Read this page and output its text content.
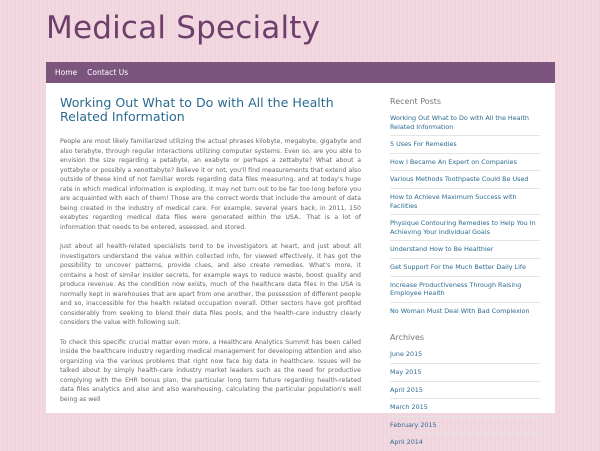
Medical Specialty
Home Contact Us
Working Out What to Do with All the Health Related Information

People are most likely familiarized utilizing the actual phrases kilobyte, megabyte, gigabyte and also terabyte, through regular interactions utilizing computer systems. Even so, are you able to envision the size regarding a petabyte, an exabyte or perhaps a zettabyte? What about a yottabyte or possibly a xenottabyte? Believe it or not, you'll find measurements that extend also outside of these kind of not familiar words regarding data files measuring, and at today's huge rate in which medical information is exploding, it may not turn out to be far too long before you are acquainted with each of them! Those are the correct words that include the amount of data being created in the industry of medical care. For example, several years back, in 2011, 150 exabytes regarding medical data files were generated within the USA.. That is a lot of information that needs to be entered, assessed, and stored.

Just about all health-related specialists tend to be investigators at heart, and just about all investigators understand the value within collected info, for viewed effectively, it has got the possibility to uncover patterns, provide clues, and also create remedies. What's more, it contains a host of similar insider secrets, for example ways to reduce waste, boost quality and produce revenue. As the condition now exists, much of the healthcare data files in the USA is normally kept in warehouses that are apart from one another, the possession of different people and so, inaccessible for the health related occupation overall. Other sectors have got profited considerably from seeking to blend their data files pools, and the health-care industry clearly considers the value with following suit.

To check this specific crucial matter even more, a Healthcare Analytics Summit has been called inside the healthcare industry regarding medical management for developing attention and also organizing via the various problems that right now face big data in healthcare. Issues will be talked about by simply health-care industry market leaders such as the need for productive complying with the EHR bonus plan, the particular long term future regarding health-related data files analytics and also and also warehousing, calculating the particular population's well being as well

Recent Posts
Working Out What to Do with All the Health Related Information
5 Uses For Remedies
How I Became An Expert on Companies
Various Methods Toothpaste Could Be Used
How to Achieve Maximum Success with Facilities
Physique Contouring Remedies to Help You In Achieving Your Individual Goals
Understand How to Be Healthier
Get Support For the Much Better Daily Life
Increase Productiveness Through Raising Employee Health
No Woman Must Deal With Bad Complexion
Archives
June 2015
May 2015
April 2015
March 2015
February 2015
April 2014
